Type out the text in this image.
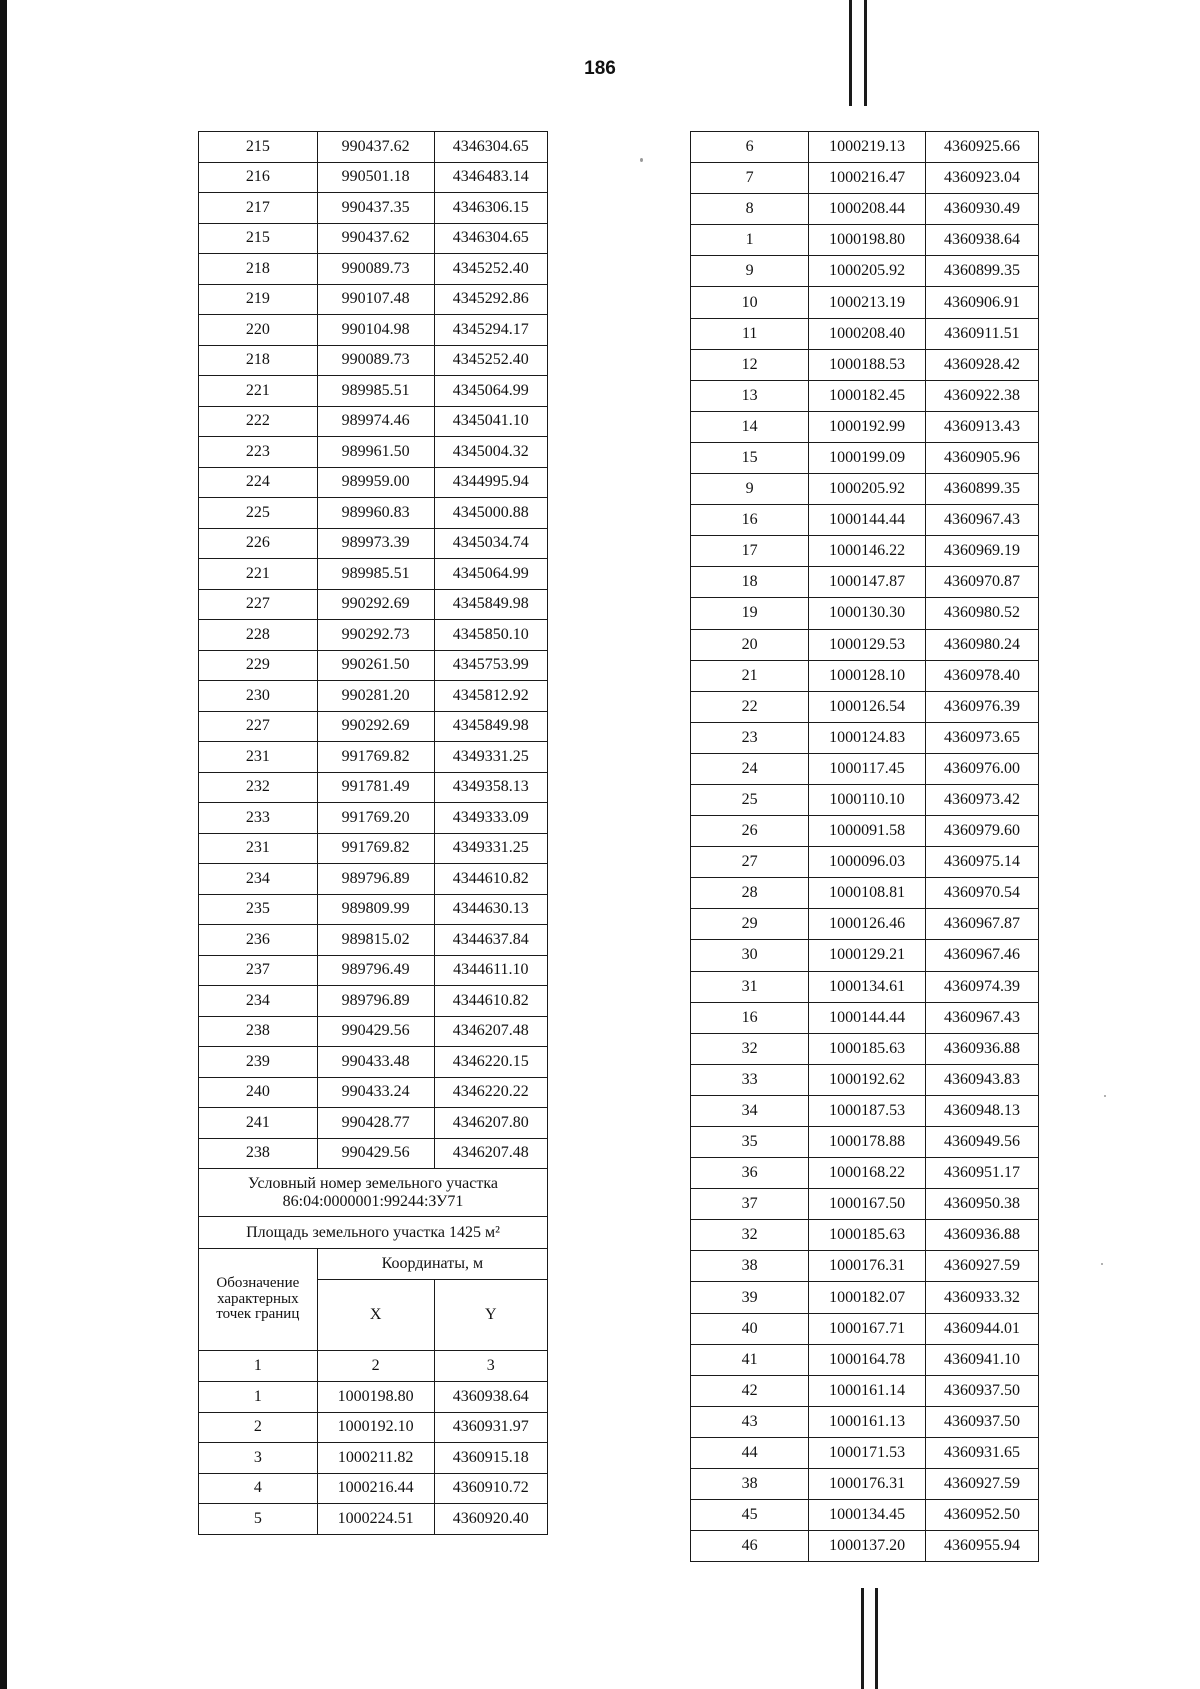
186
215	990437.62	4346304.65
216	990501.18	4346483.14
217	990437.35	4346306.15
215	990437.62	4346304.65
218	990089.73	4345252.40
219	990107.48	4345292.86
220	990104.98	4345294.17
218	990089.73	4345252.40
221	989985.51	4345064.99
222	989974.46	4345041.10
223	989961.50	4345004.32
224	989959.00	4344995.94
225	989960.83	4345000.88
226	989973.39	4345034.74
221	989985.51	4345064.99
227	990292.69	4345849.98
228	990292.73	4345850.10
229	990261.50	4345753.99
230	990281.20	4345812.92
227	990292.69	4345849.98
231	991769.82	4349331.25
232	991781.49	4349358.13
233	991769.20	4349333.09
231	991769.82	4349331.25
234	989796.89	4344610.82
235	989809.99	4344630.13
236	989815.02	4344637.84
237	989796.49	4344611.10
234	989796.89	4344610.82
238	990429.56	4346207.48
239	990433.48	4346220.15
240	990433.24	4346220.22
241	990428.77	4346207.80
238	990429.56	4346207.48
Условный номер земельного участка
86:04:0000001:99244:ЗУ71		
Площадь земельного участка 1425 м²		
Обозначение характерных точек границ	Координаты, м	
	X	Y
1	2	3
1	1000198.80	4360938.64
2	1000192.10	4360931.97
3	1000211.82	4360915.18
4	1000216.44	4360910.72
5	1000224.51	4360920.40
6	1000219.13	4360925.66
7	1000216.47	4360923.04
8	1000208.44	4360930.49
1	1000198.80	4360938.64
9	1000205.92	4360899.35
10	1000213.19	4360906.91
11	1000208.40	4360911.51
12	1000188.53	4360928.42
13	1000182.45	4360922.38
14	1000192.99	4360913.43
15	1000199.09	4360905.96
9	1000205.92	4360899.35
16	1000144.44	4360967.43
17	1000146.22	4360969.19
18	1000147.87	4360970.87
19	1000130.30	4360980.52
20	1000129.53	4360980.24
21	1000128.10	4360978.40
22	1000126.54	4360976.39
23	1000124.83	4360973.65
24	1000117.45	4360976.00
25	1000110.10	4360973.42
26	1000091.58	4360979.60
27	1000096.03	4360975.14
28	1000108.81	4360970.54
29	1000126.46	4360967.87
30	1000129.21	4360967.46
31	1000134.61	4360974.39
16	1000144.44	4360967.43
32	1000185.63	4360936.88
33	1000192.62	4360943.83
34	1000187.53	4360948.13
35	1000178.88	4360949.56
36	1000168.22	4360951.17
37	1000167.50	4360950.38
32	1000185.63	4360936.88
38	1000176.31	4360927.59
39	1000182.07	4360933.32
40	1000167.71	4360944.01
41	1000164.78	4360941.10
42	1000161.14	4360937.50
43	1000161.13	4360937.50
44	1000171.53	4360931.65
38	1000176.31	4360927.59
45	1000134.45	4360952.50
46	1000137.20	4360955.94
